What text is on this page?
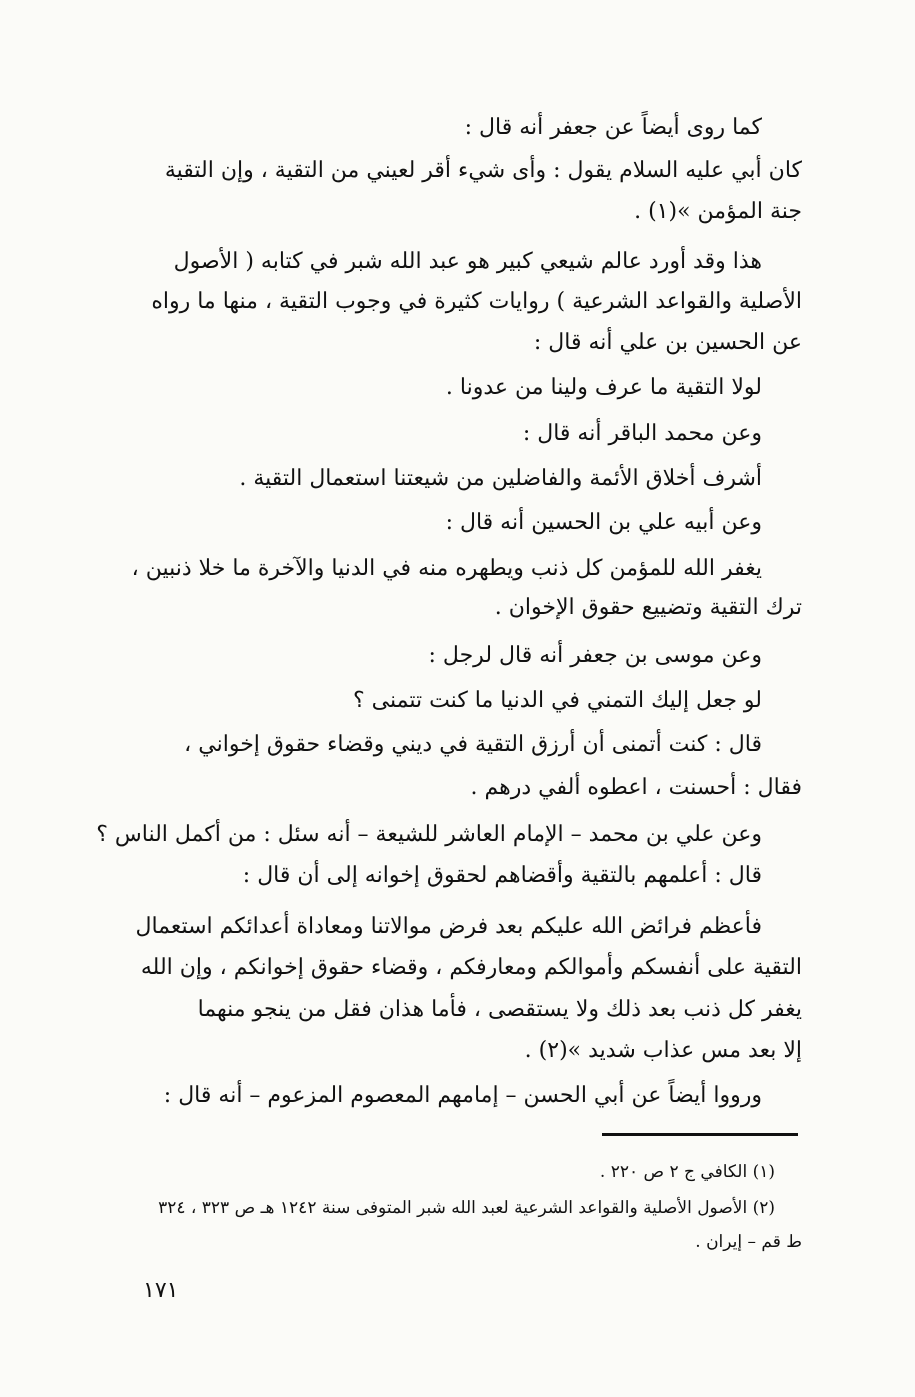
كما روى أيضاً عن جعفر أنه قال :

كان أبي عليه السلام يقول : وأى شيء أقر لعيني من التقية ، وإن التقية

جنة المؤمن »(١) .

هذا وقد أورد عالم شيعي كبير هو عبد الله شبر في كتابه ( الأصول

الأصلية والقواعد الشرعية ) روايات كثيرة في وجوب التقية ، منها ما رواه

عن الحسين بن علي أنه قال :

لولا التقية ما عرف ولينا من عدونا .

وعن محمد الباقر أنه قال :

أشرف أخلاق الأئمة والفاضلين من شيعتنا استعمال التقية .

وعن أبيه علي بن الحسين أنه قال :

يغفر الله للمؤمن كل ذنب ويطهره منه في الدنيا والآخرة ما خلا ذنبين ،

ترك التقية وتضييع حقوق الإخوان .

وعن موسى بن جعفر أنه قال لرجل :

لو جعل إليك التمني في الدنيا ما كنت تتمنى ؟

قال : كنت أتمنى أن أرزق التقية في ديني وقضاء حقوق إخواني ،

فقال : أحسنت ، اعطوه ألفي درهم .

وعن علي بن محمد – الإمام العاشر للشيعة – أنه سئل : من أكمل الناس ؟

قال : أعلمهم بالتقية وأقضاهم لحقوق إخوانه إلى أن قال :

فأعظم فرائض الله عليكم بعد فرض موالاتنا ومعاداة أعدائكم استعمال

التقية على أنفسكم وأموالكم ومعارفكم ، وقضاء حقوق إخوانكم ، وإن الله

يغفر كل ذنب بعد ذلك ولا يستقصى ، فأما هذان فقل من ينجو منهما

إلا بعد مس عذاب شديد »(٢) .

ورووا أيضاً عن أبي الحسن – إمامهم المعصوم المزعوم – أنه قال :

(١) الكافي ج ٢ ص ٢٢٠ .

(٢) الأصول الأصلية والقواعد الشرعية لعبد الله شبر المتوفى سنة ١٢٤٢ هـ ص ٣٢٣ ، ٣٢٤

ط قم – إيران .

١٧١
